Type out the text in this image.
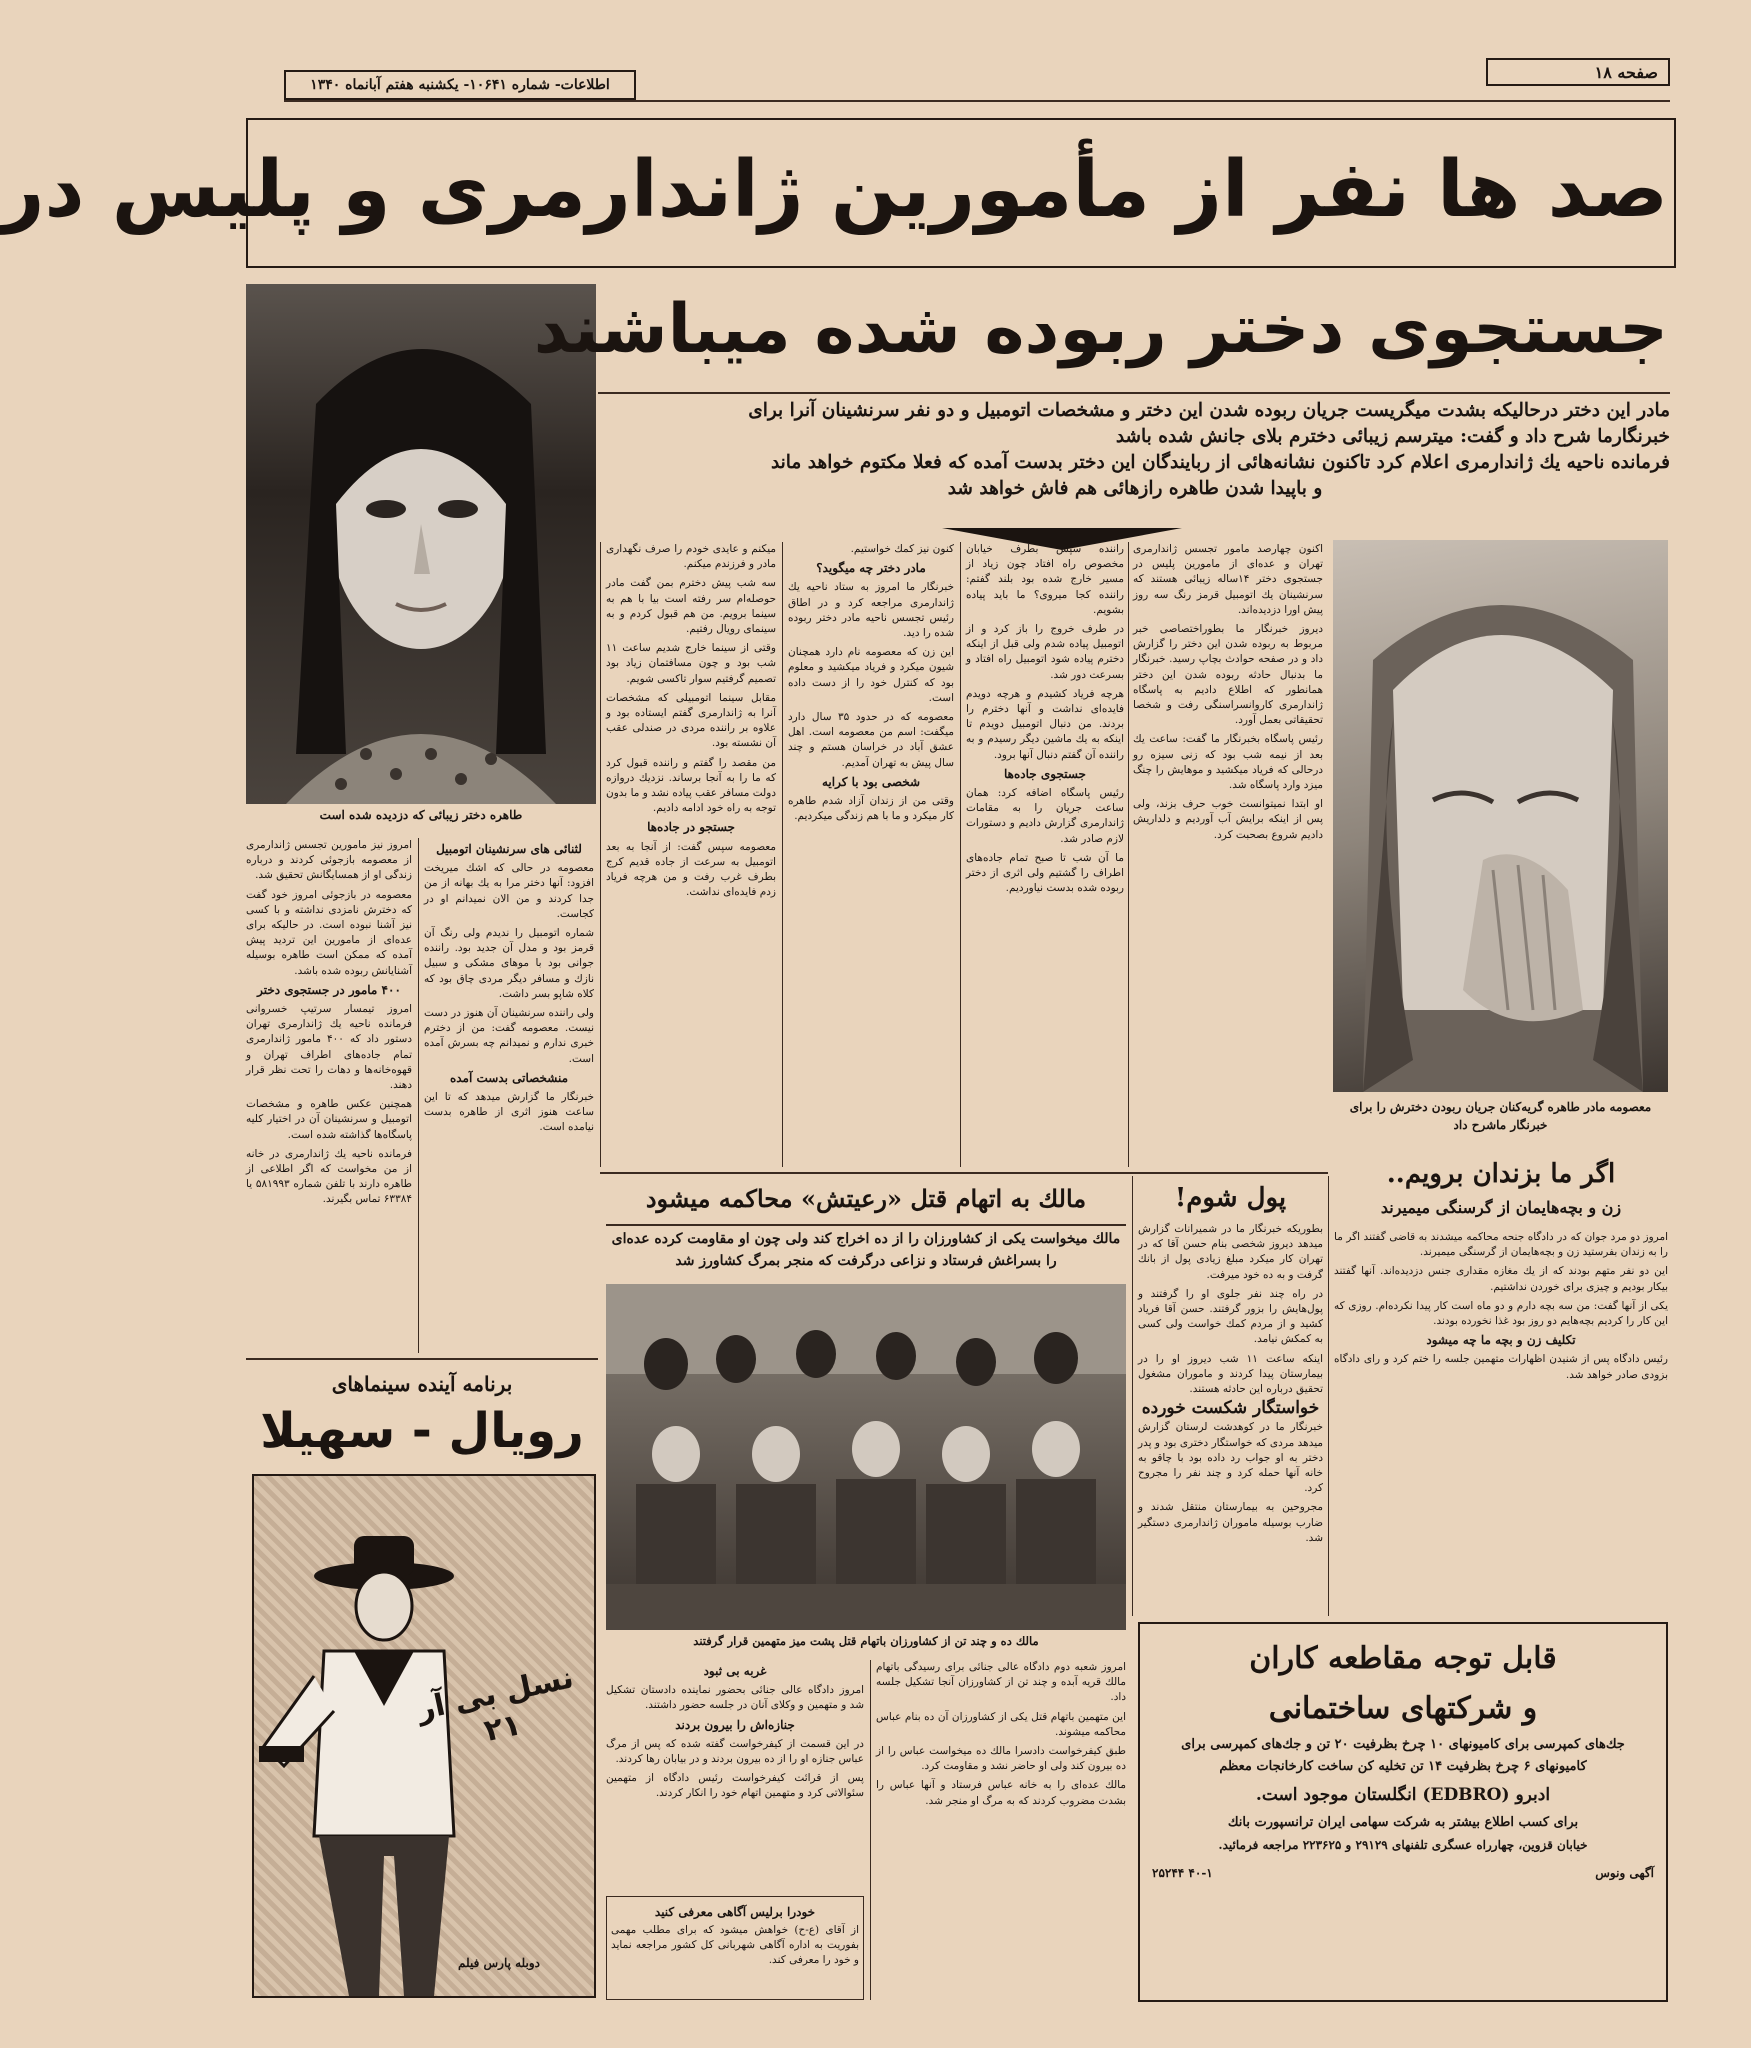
صفحه ۱۸
اطلاعات- شماره ۱۰۶۴۱- یکشنبه هفتم آبانماه ۱۳۴۰
صد ها نفر از مأمورین ژاندارمری و پلیس در
طاهره دختر زیبائی که دزدیده شده است
جستجوی دختر ربوده شده میباشند
مادر این دختر درحالیکه بشدت میگریست جریان ربوده شدن این دختر و مشخصات اتومبیل و دو نفر سرنشینان آنرا برای
خبرنگارما شرح داد و گفت: میترسم زیبائی دخترم بلای جانش شده باشد
فرمانده ناحیه یك ژاندارمری اعلام كرد تاكنون نشانه‌هائی از ربایندگان این دختر بدست آمده كه فعلا مكتوم خواهد ماند
و باپیدا شدن طاهره رازهائی هم فاش خواهد شد
معصومه مادر طاهره گریه‌کنان جریان ربودن دخترش را برای خبرنگار ماشرح داد

اکنون چهارصد مامور تجسس ژاندارمری تهران و عده‌ای از مامورین پلیس در جستجوی دختر ۱۴ساله زیبائی هستند که سرنشینان یك اتومبیل قرمز رنگ سه روز پیش اورا دزدیده‌اند.

دیروز خبرنگار ما بطوراختصاصی خبر مربوط به ربوده شدن این دختر را گزارش داد و در صفحه حوادث بچاپ رسید. خبرنگار ما بدنبال حادثه ربوده شدن این دختر همانطور که اطلاع دادیم به پاسگاه ژاندارمری کاروانسراسنگی رفت و شخصا تحقیقاتی بعمل آورد.

رئیس پاسگاه بخبرنگار ما گفت: ساعت یك بعد از نیمه شب بود که زنی سیزه رو درحالی که فریاد میکشید و موهایش را چنگ میزد وارد پاسگاه شد.

او ابتدا نمیتوانست خوب حرف بزند، ولی پس از اینکه برایش آب آوردیم و دلداریش دادیم شروع بصحبت کرد.

راننده سپس بطرف خیابان مخصوص راه افتاد چون زیاد از مسیر خارج شده بود بلند گفتم: راننده کجا میروی؟ ما باید پیاده بشویم.

در طرف خروج را باز کرد و از اتومبیل پیاده شدم ولی قبل از اینکه دخترم پیاده شود اتومبیل راه افتاد و بسرعت دور شد.

هرچه فریاد کشیدم و هرچه دویدم فایده‌ای نداشت و آنها دخترم را بردند. من دنبال اتومبیل دویدم تا اینکه به یك ماشین دیگر رسیدم و به راننده آن گفتم دنبال آنها برود.

جستجوی جاده‌ها

رئیس پاسگاه اضافه کرد: همان ساعت جریان را به مقامات ژاندارمری گزارش دادیم و دستورات لازم صادر شد.

ما آن شب تا صبح تمام جاده‌های اطراف را گشتیم ولی اثری از دختر ربوده شده بدست نیاوردیم.

کنون نیز کمك خواستیم.

مادر دختر چه میگوید؟

خبرنگار ما امروز به ستاد ناحیه یك ژاندارمری مراجعه کرد و در اطاق رئیس تجسس ناحیه مادر دختر ربوده شده را دید.

این زن که معصومه نام دارد همچنان شیون میکرد و فریاد میکشید و معلوم بود که کنترل خود را از دست داده است.

معصومه که در حدود ۳۵ سال دارد میگفت: اسم من معصومه است. اهل عشق آباد در خراسان هستم و چند سال پیش به تهران آمدیم.

شخصی بود با کرایه

وقتی من از زندان آزاد شدم طاهره کار میکرد و ما با هم زندگی میکردیم.

میکنم و عایدی خودم را صرف نگهداری مادر و فرزندم میکنم.

سه شب پیش دخترم بمن گفت مادر حوصله‌ام سر رفته است بیا با هم به سینما برویم. من هم قبول کردم و به سینمای رویال رفتیم.

وقتی از سینما خارج شدیم ساعت ۱۱ شب بود و چون مسافتمان زیاد بود تصمیم گرفتیم سوار تاکسی شویم.

مقابل سینما اتومبیلی که مشخصات آنرا به ژاندارمری گفتم ایستاده بود و علاوه بر راننده مردی در صندلی عقب آن نشسته بود.

من مقصد را گفتم و راننده قبول کرد که ما را به آنجا برساند. نزدیك دروازه دولت مسافر عقب پیاده نشد و ما بدون توجه به راه خود ادامه دادیم.

جستجو در جاده‌ها

معصومه سپس گفت: از آنجا به بعد اتومبیل به سرعت از جاده قدیم کرج بطرف غرب رفت و من هرچه فریاد زدم فایده‌ای نداشت.

لثنائی های سرنشینان اتومبیل

معصومه در حالی که اشك میریخت افزود: آنها دختر مرا به یك بهانه از من جدا کردند و من الان نمیدانم او در کجاست.

شماره اتومبیل را ندیدم ولی رنگ آن قرمز بود و مدل آن جدید بود. راننده جوانی بود با موهای مشکی و سبیل نازك و مسافر دیگر مردی چاق بود که کلاه شاپو بسر داشت.

ولی راننده سرنشینان آن هنوز در دست نیست. معصومه گفت: من از دخترم خبری ندارم و نمیدانم چه بسرش آمده است.

منشخصاتی بدست آمده

خبرنگار ما گزارش میدهد که تا این ساعت هنوز اثری از طاهره بدست نیامده است.

امروز نیز مامورین تجسس ژاندارمری از معصومه بازجوئی کردند و درباره زندگی او از همسایگانش تحقیق شد.

معصومه در بازجوئی امروز خود گفت که دخترش نامزدی نداشته و با کسی نیز آشنا نبوده است. در حالیکه برای عده‌ای از مامورین این تردید پیش آمده که ممکن است طاهره بوسیله آشنایانش ربوده شده باشد.

۴۰۰ مامور در جستجوی دختر

امروز تیمسار سرتیپ خسروانی فرمانده ناحیه یك ژاندارمری تهران دستور داد که ۴۰۰ مامور ژاندارمری تمام جاده‌های اطراف تهران و قهوه‌خانه‌ها و دهات را تحت نظر قرار دهند.

همچنین عکس طاهره و مشخصات اتومبیل و سرنشینان آن در اختیار کلیه پاسگاه‌ها گذاشته شده است.

فرمانده ناحیه یك ژاندارمری در خانه از من مخواست که اگر اطلاعی از طاهره دارند با تلفن شماره ۵۸۱۹۹۳ یا ۶۳۳۸۴ تماس بگیرند.

برنامه آینده سینماهای
رویال - سهیلا
نسل بی آر ۲۱
دوبله پارس فیلم
مالك به اتهام قتل «رعیتش» محاکمه میشود
مالك میخواست یکی از کشاورزان را از ده اخراج کند ولی چون او مقاومت کرده عده‌ای
را بسراغش فرستاد و نزاعی درگرفت که منجر بمرگ کشاورز شد
مالك ده و چند تن از کشاورزان باتهام قتل پشت میز متهمین قرار گرفتند

امروز شعبه دوم دادگاه عالی جنائی برای رسیدگی باتهام مالك قریه آبده و چند تن از کشاورزان آنجا تشکیل جلسه داد.

این متهمین باتهام قتل یکی از کشاورزان آن ده بنام عباس محاکمه میشوند.

طبق کیفرخواست دادسرا مالك ده میخواست عباس را از ده بیرون کند ولی او حاضر نشد و مقاومت کرد.

مالك عده‌ای را به خانه عباس فرستاد و آنها عباس را بشدت مضروب کردند که به مرگ او منجر شد.

غربه بی ثبود

امروز دادگاه عالی جنائی بحضور نماینده دادستان تشکیل شد و متهمین و وکلای آنان در جلسه حضور داشتند.

جنازه‌اش را بیرون بردند

در این قسمت از کیفرخواست گفته شده که پس از مرگ عباس جنازه او را از ده بیرون بردند و در بیابان رها کردند.

پس از قرائت کیفرخواست رئیس دادگاه از متهمین سئوالاتی کرد و متهمین اتهام خود را انکار کردند.

خودرا برلیس آگاهی معرفی کنید
از آقای (ع-ح) خواهش میشود که برای مطلب مهمی بفوریت به اداره آگاهی شهربانی کل کشور مراجعه نماید و خود را معرفی کند.
پول شوم!

بطوریکه خبرنگار ما در شمیرانات گزارش میدهد دیروز شخصی بنام حسن آقا که در تهران کار میکرد مبلغ زیادی پول از بانك گرفت و به ده خود میرفت.

در راه چند نفر جلوی او را گرفتند و پول‌هایش را بزور گرفتند. حسن آقا فریاد کشید و از مردم کمك خواست ولی کسی به کمکش نیامد.

اینکه ساعت ۱۱ شب دیروز او را در بیمارستان پیدا کردند و ماموران مشغول تحقیق درباره این حادثه هستند.

خواستگار شکست خورده

خبرنگار ما در کوهدشت لرستان گزارش میدهد مردی که خواستگار دختری بود و پدر دختر به او جواب رد داده بود با چاقو به خانه آنها حمله کرد و چند نفر را مجروح کرد.

مجروحین به بیمارستان منتقل شدند و ضارب بوسیله ماموران ژاندارمری دستگیر شد.

اگر ما بزندان برویم..
زن و بچه‌هایمان از گرسنگی میمیرند

امروز دو مرد جوان که در دادگاه جنحه محاکمه میشدند به قاضی گفتند اگر ما را به زندان بفرستید زن و بچه‌هایمان از گرسنگی میمیرند.

این دو نفر متهم بودند که از یك مغازه مقداری جنس دزدیده‌اند. آنها گفتند بیکار بودیم و چیزی برای خوردن نداشتیم.

یکی از آنها گفت: من سه بچه دارم و دو ماه است کار پیدا نکرده‌ام. روزی که این کار را کردیم بچه‌هایم دو روز بود غذا نخورده بودند.

تکلیف زن و بچه ما چه میشود

رئیس دادگاه پس از شنیدن اظهارات متهمین جلسه را ختم کرد و رای دادگاه بزودی صادر خواهد شد.

قابل توجه مقاطعه کاران
و شرکتهای ساختمانی
جك‌های کمپرسی برای کامیونهای ۱۰ چرخ بظرفیت ۲۰ تن و جك‌های کمپرسی برای
کامیونهای ۶ چرخ بظرفیت ۱۴ تن تخلیه کن ساخت کارخانجات معظم
ادبرو (EDBRO) انگلستان موجود است.
برای کسب اطلاع بیشتر به شرکت سهامی ایران ترانسپورت بانك
خیابان قزوین، چهارراه عسگری تلفنهای ۲۹۱۲۹ و ۲۲۳۶۲۵ مراجعه فرمائید.
آگهی ونوس
۴۰-۱ ۲۵۲۴۴
